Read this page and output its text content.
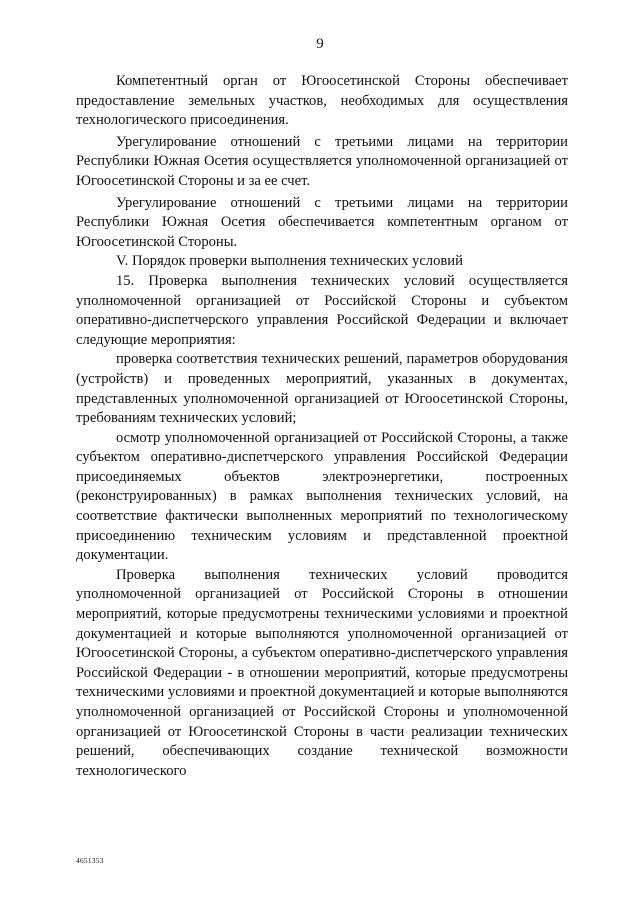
9

Компетентный орган от Югоосетинской Стороны обеспечивает предоставление земельных участков, необходимых для осуществления технологического присоединения.

Урегулирование отношений с третьими лицами на территории Республики Южная Осетия осуществляется уполномоченной организацией от Югоосетинской Стороны и за ее счет.

Урегулирование отношений с третьими лицами на территории Республики Южная Осетия обеспечивается компетентным органом от Югоосетинской Стороны.

V. Порядок проверки выполнения технических условий

15. Проверка выполнения технических условий осуществляется уполномоченной организацией от Российской Стороны и субъектом оперативно-диспетчерского управления Российской Федерации и включает следующие мероприятия:

проверка соответствия технических решений, параметров оборудования (устройств) и проведенных мероприятий, указанных в документах, представленных уполномоченной организацией от Югоосетинской Стороны, требованиям технических условий;

осмотр уполномоченной организацией от Российской Стороны, а также субъектом оперативно-диспетчерского управления Российской Федерации присоединяемых объектов электроэнергетики, построенных (реконструированных) в рамках выполнения технических условий, на соответствие фактически выполненных мероприятий по технологическому присоединению техническим условиям и представленной проектной документации.

Проверка выполнения технических условий проводится уполномоченной организацией от Российской Стороны в отношении мероприятий, которые предусмотрены техническими условиями и проектной документацией и которые выполняются уполномоченной организацией от Югоосетинской Стороны, а субъектом оперативно-диспетчерского управления Российской Федерации - в отношении мероприятий, которые предусмотрены техническими условиями и проектной документацией и которые выполняются уполномоченной организацией от Российской Стороны и уполномоченной организацией от Югоосетинской Стороны в части реализации технических решений, обеспечивающих создание технической возможности технологического

4651353
